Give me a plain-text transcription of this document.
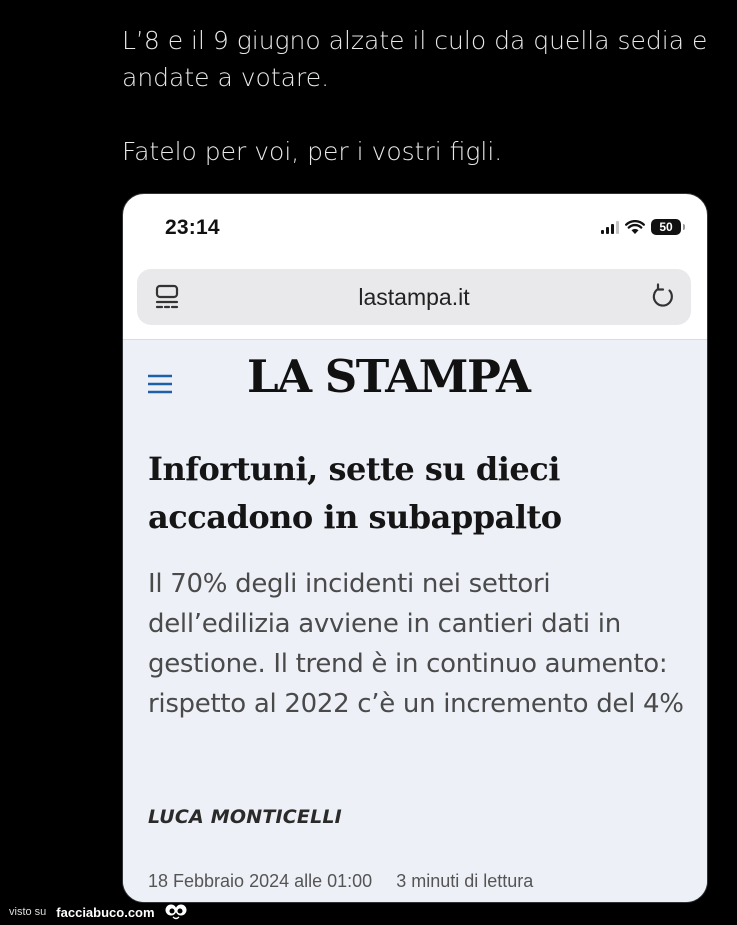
L’8 e il 9 giugno alzate il culo da quella sedia e

andate a votare.

Fatelo per voi, per i vostri figli.

23:14	50
lastampa.it
LA STAMPA
Infortuni, sette su dieci accadono in subappalto
Il 70% degli incidenti nei settori dell’edilizia avviene in cantieri dati in gestione. Il trend è in continuo aumento: rispetto al 2022 c’è un incremento del 4%
LUCA MONTICELLI
18 Febbraio 2024 alle 01:00 3 minuti di lettura
visto su facciabuco.com
